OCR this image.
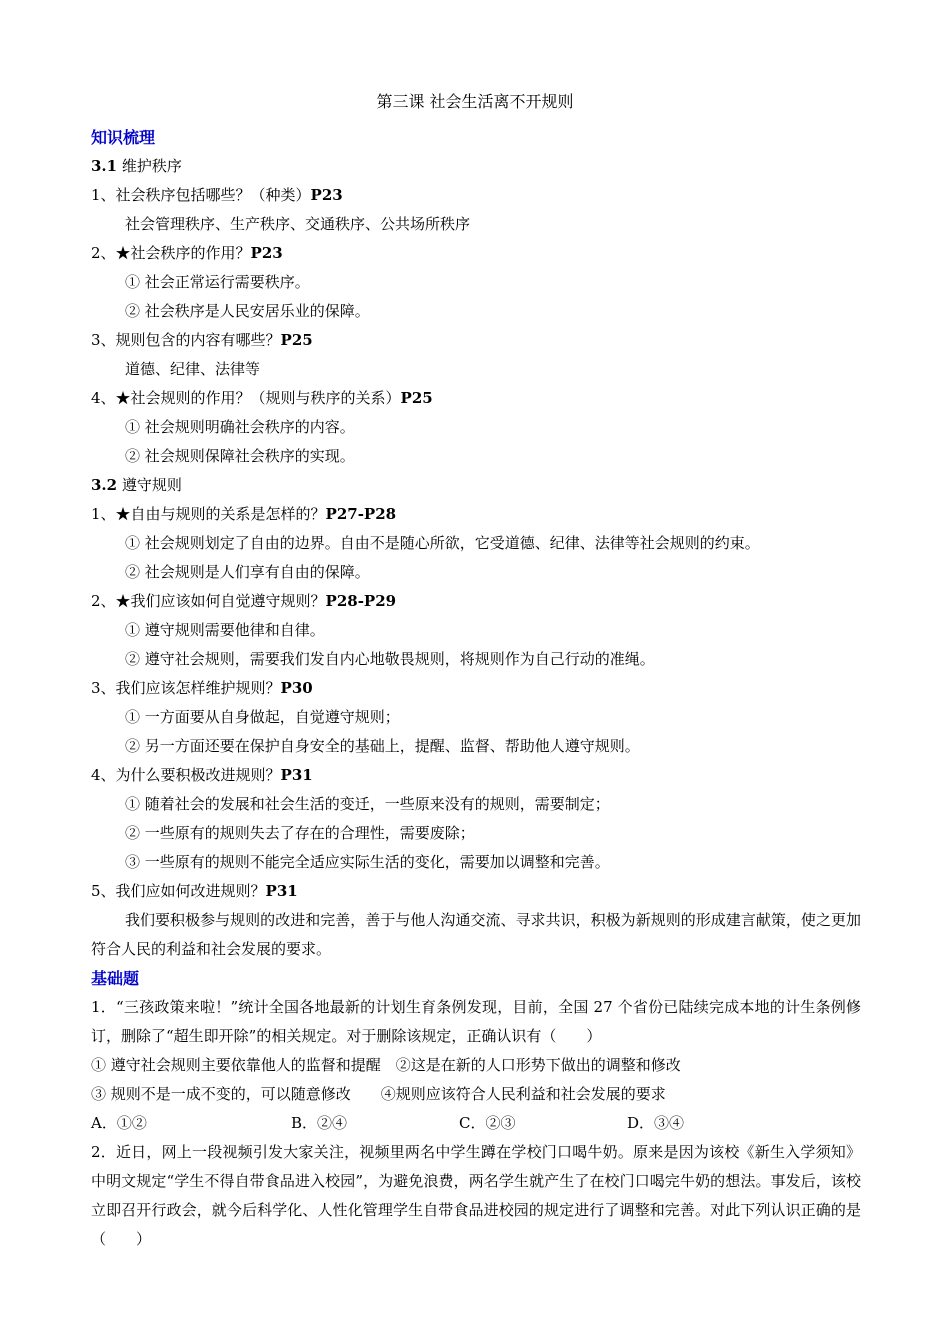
第三课 社会生活离不开规则
知识梳理
3.1 维护秩序
1、社会秩序包括哪些？（种类）P23
社会管理秩序、生产秩序、交通秩序、公共场所秩序
2、★社会秩序的作用？P23
① 社会正常运行需要秩序。
② 社会秩序是人民安居乐业的保障。
3、规则包含的内容有哪些？P25
道德、纪律、法律等
4、★社会规则的作用？（规则与秩序的关系）P25
① 社会规则明确社会秩序的内容。
② 社会规则保障社会秩序的实现。
3.2 遵守规则
1、★自由与规则的关系是怎样的？P27-P28
① 社会规则划定了自由的边界。自由不是随心所欲，它受道德、纪律、法律等社会规则的约束。
② 社会规则是人们享有自由的保障。
2、★我们应该如何自觉遵守规则？P28-P29
① 遵守规则需要他律和自律。
② 遵守社会规则，需要我们发自内心地敬畏规则，将规则作为自己行动的准绳。
3、我们应该怎样维护规则？P30
① 一方面要从自身做起，自觉遵守规则；
② 另一方面还要在保护自身安全的基础上，提醒、监督、帮助他人遵守规则。
4、为什么要积极改进规则？P31
① 随着社会的发展和社会生活的变迁，一些原来没有的规则，需要制定；
② 一些原有的规则失去了存在的合理性，需要废除；
③ 一些原有的规则不能完全适应实际生活的变化，需要加以调整和完善。
5、我们应如何改进规则？P31
我们要积极参与规则的改进和完善，善于与他人沟通交流、寻求共识，积极为新规则的形成建言献策，使之更加符合人民的利益和社会发展的要求。
基础题
1．“三孩政策来啦！”统计全国各地最新的计划生育条例发现，目前，全国 27 个省份已陆续完成本地的计生条例修订，删除了“超生即开除”的相关规定。对于删除该规定，正确认识有（　　）
① 遵守社会规则主要依靠他人的监督和提醒　②这是在新的人口形势下做出的调整和修改
③ 规则不是一成不变的，可以随意修改　　④规则应该符合人民利益和社会发展的要求
A．①②	B．②④	C．②③	D．③④
2．近日，网上一段视频引发大家关注，视频里两名中学生蹲在学校门口喝牛奶。原来是因为该校《新生入学须知》中明文规定“学生不得自带食品进入校园”，为避免浪费，两名学生就产生了在校门口喝完牛奶的想法。事发后，该校立即召开行政会，就今后科学化、人性化管理学生自带食品进校园的规定进行了调整和完善。对此下列认识正确的是（　　）
